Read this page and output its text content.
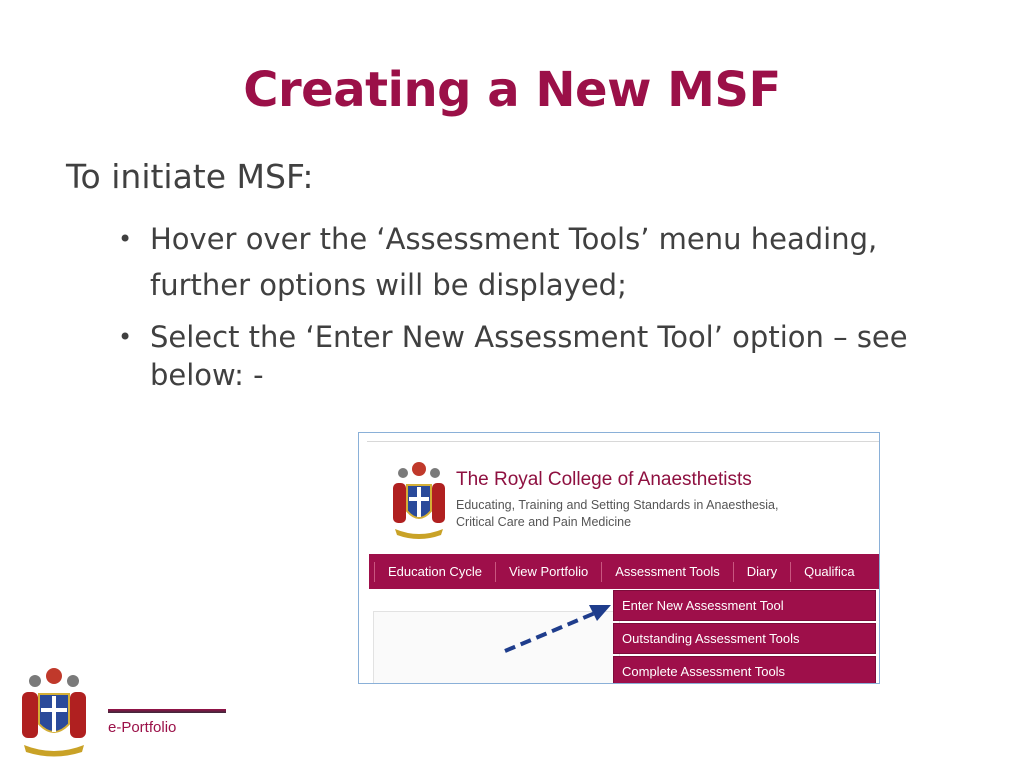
Creating a New MSF
To initiate MSF:
• Hover over the ‘Assessment Tools’ menu heading, further options will be displayed;
• Select the ‘Enter New Assessment Tool’ option – see below: -
The Royal College of Anaesthetists
Educating, Training and Setting Standards in Anaesthesia,
Critical Care and Pain Medicine
Education Cycle	View Portfolio	Assessment Tools	Diary	Qualifica
Enter New Assessment Tool
Outstanding Assessment Tools
Complete Assessment Tools
e-Portfolio
